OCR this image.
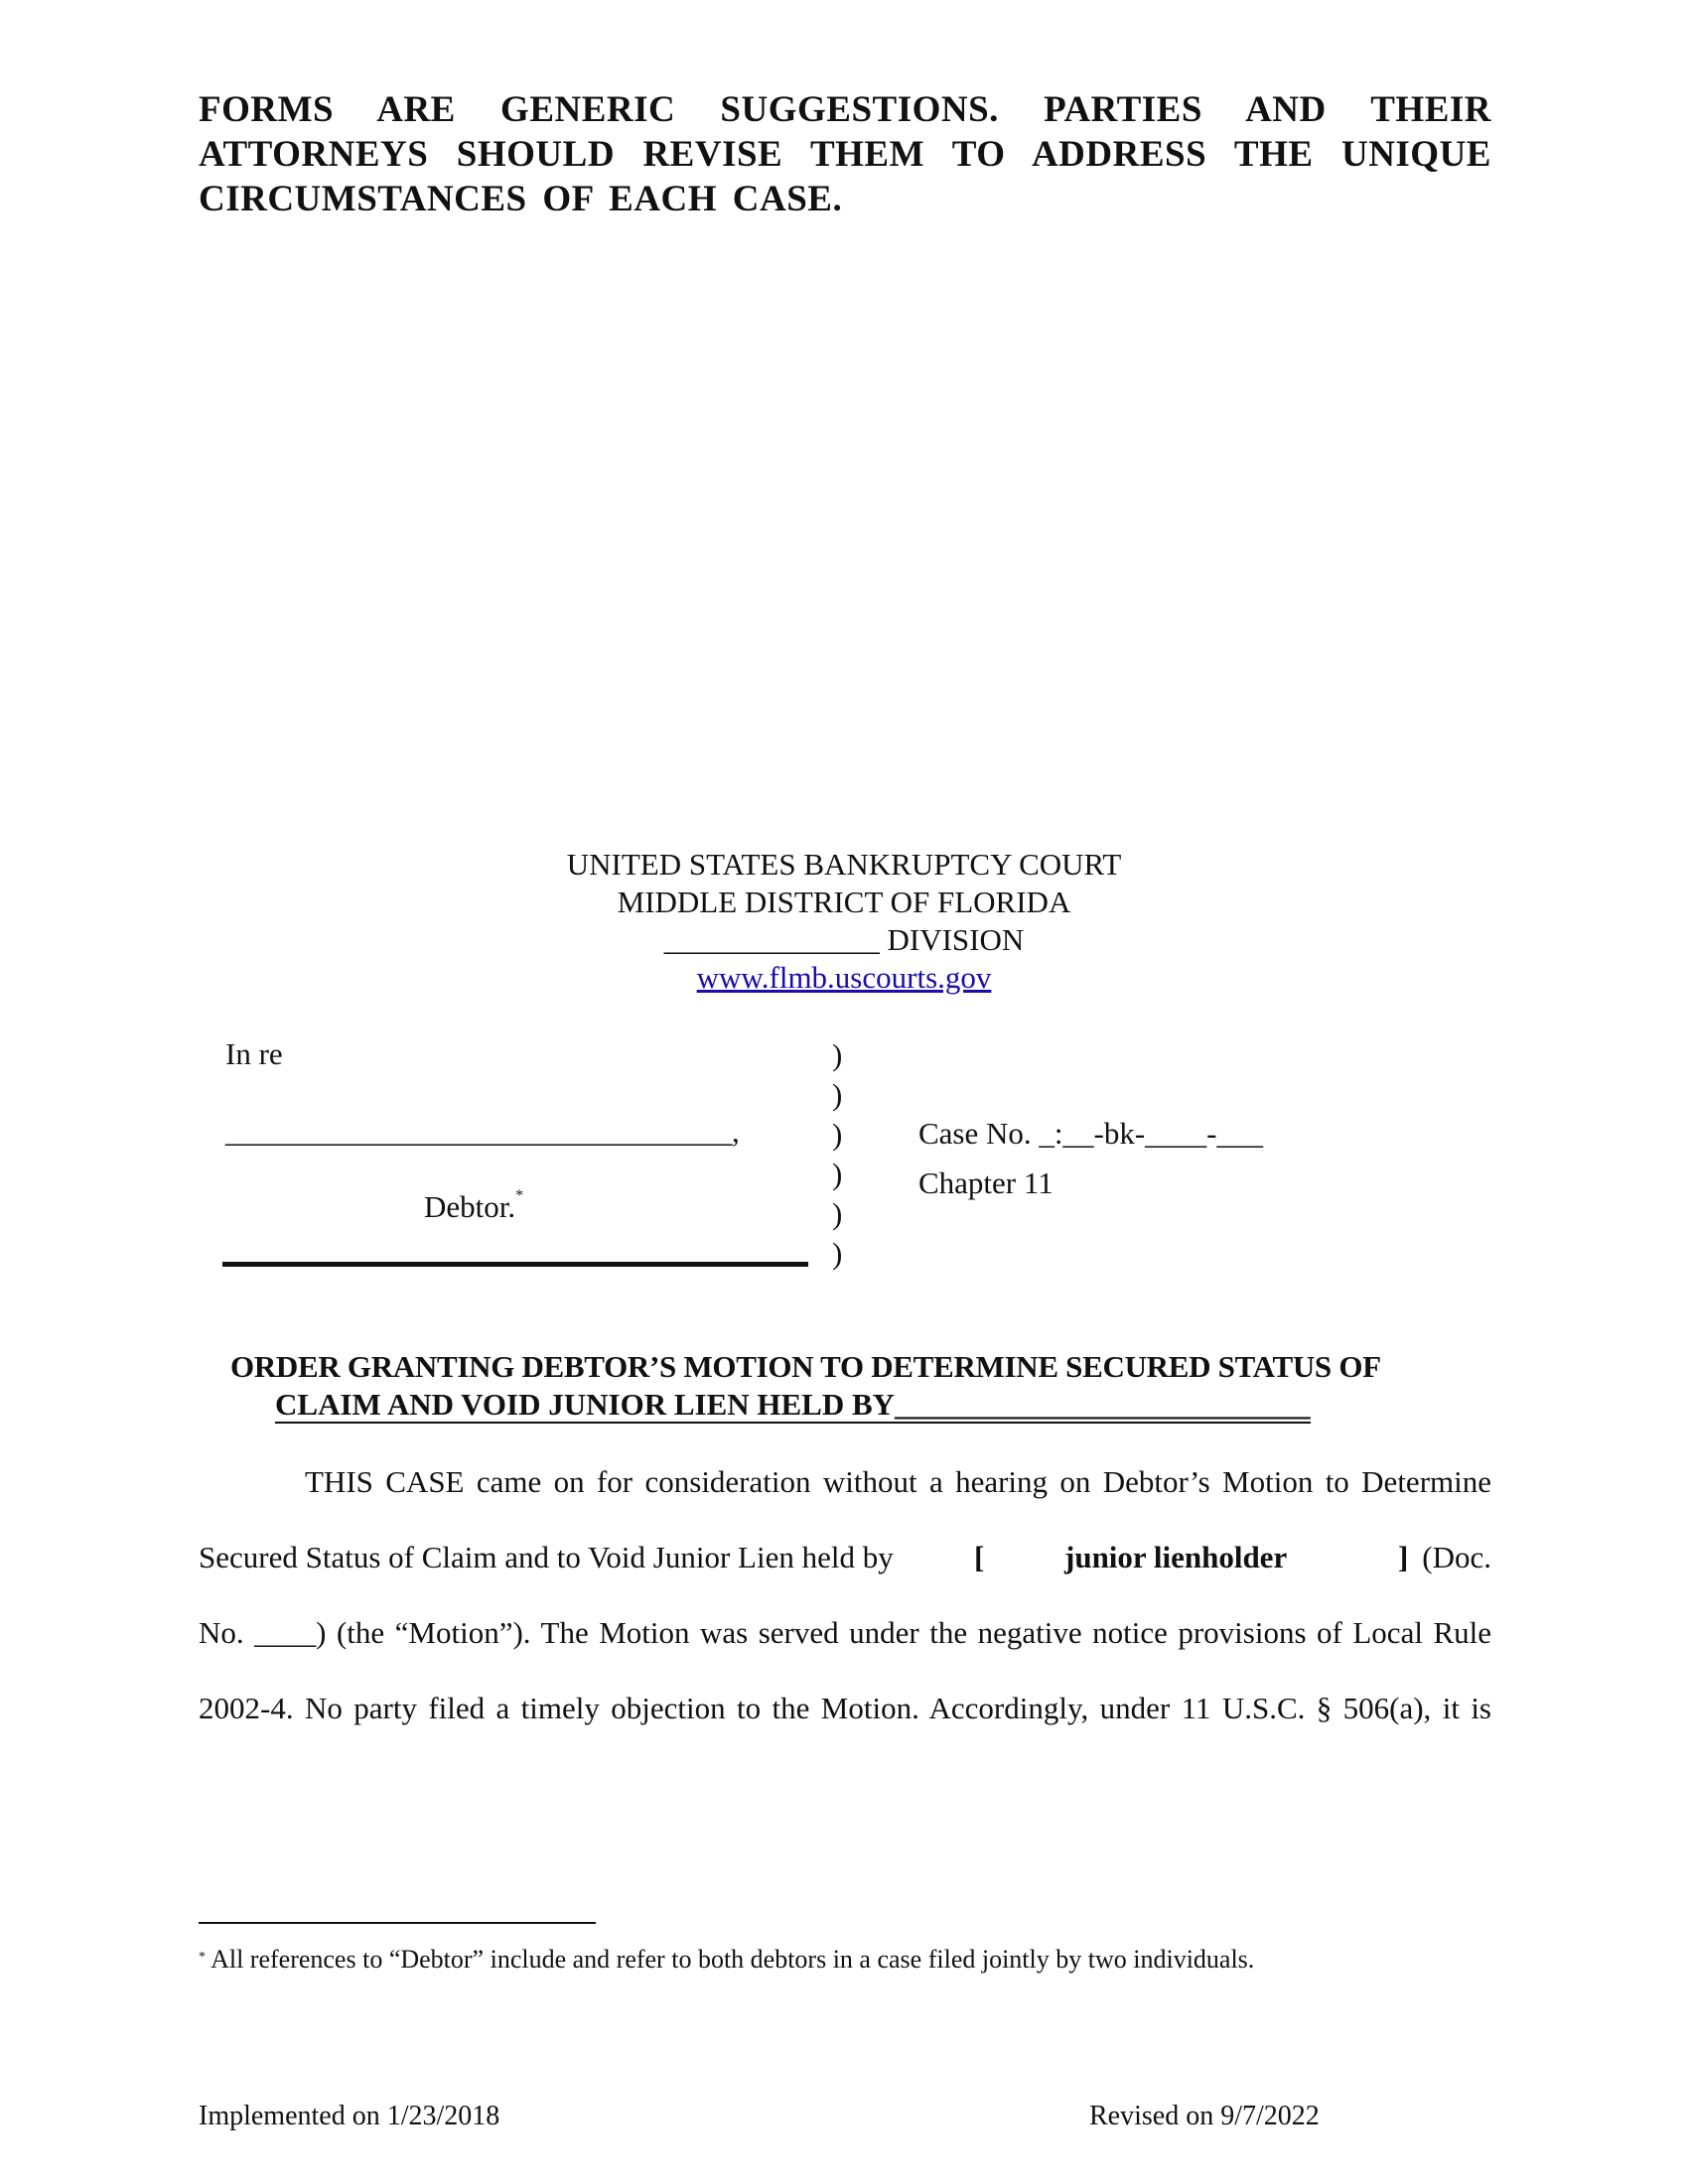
FORMS ARE GENERIC SUGGESTIONS. PARTIES AND THEIR
ATTORNEYS SHOULD REVISE THEM TO ADDRESS THE UNIQUE
CIRCUMSTANCES OF EACH CASE.
UNITED STATES BANKRUPTCY COURT
MIDDLE DISTRICT OF FLORIDA
______________ DIVISION
www.flmb.uscourts.gov
In re
__________________________________,
Debtor.*
)
)
)
)
)
)
Case No. _:__-bk-____-___
Chapter 11
ORDER GRANTING DEBTOR’S MOTION TO DETERMINE SECURED STATUS OF
CLAIM AND VOID JUNIOR LIEN HELD BY___________________________
THIS CASE came on for consideration without a hearing on Debtor’s Motion to Determine
Secured Status of Claim and to Void Junior Lien held by	[	junior lienholder	] (Doc.
No. ____) (the “Motion”). The Motion was served under the negative notice provisions of Local Rule
2002-4. No party filed a timely objection to the Motion. Accordingly, under 11 U.S.C. § 506(a), it is
* All references to “Debtor” include and refer to both debtors in a case filed jointly by two individuals.
Implemented on 1/23/2018	Revised on 9/7/2022
